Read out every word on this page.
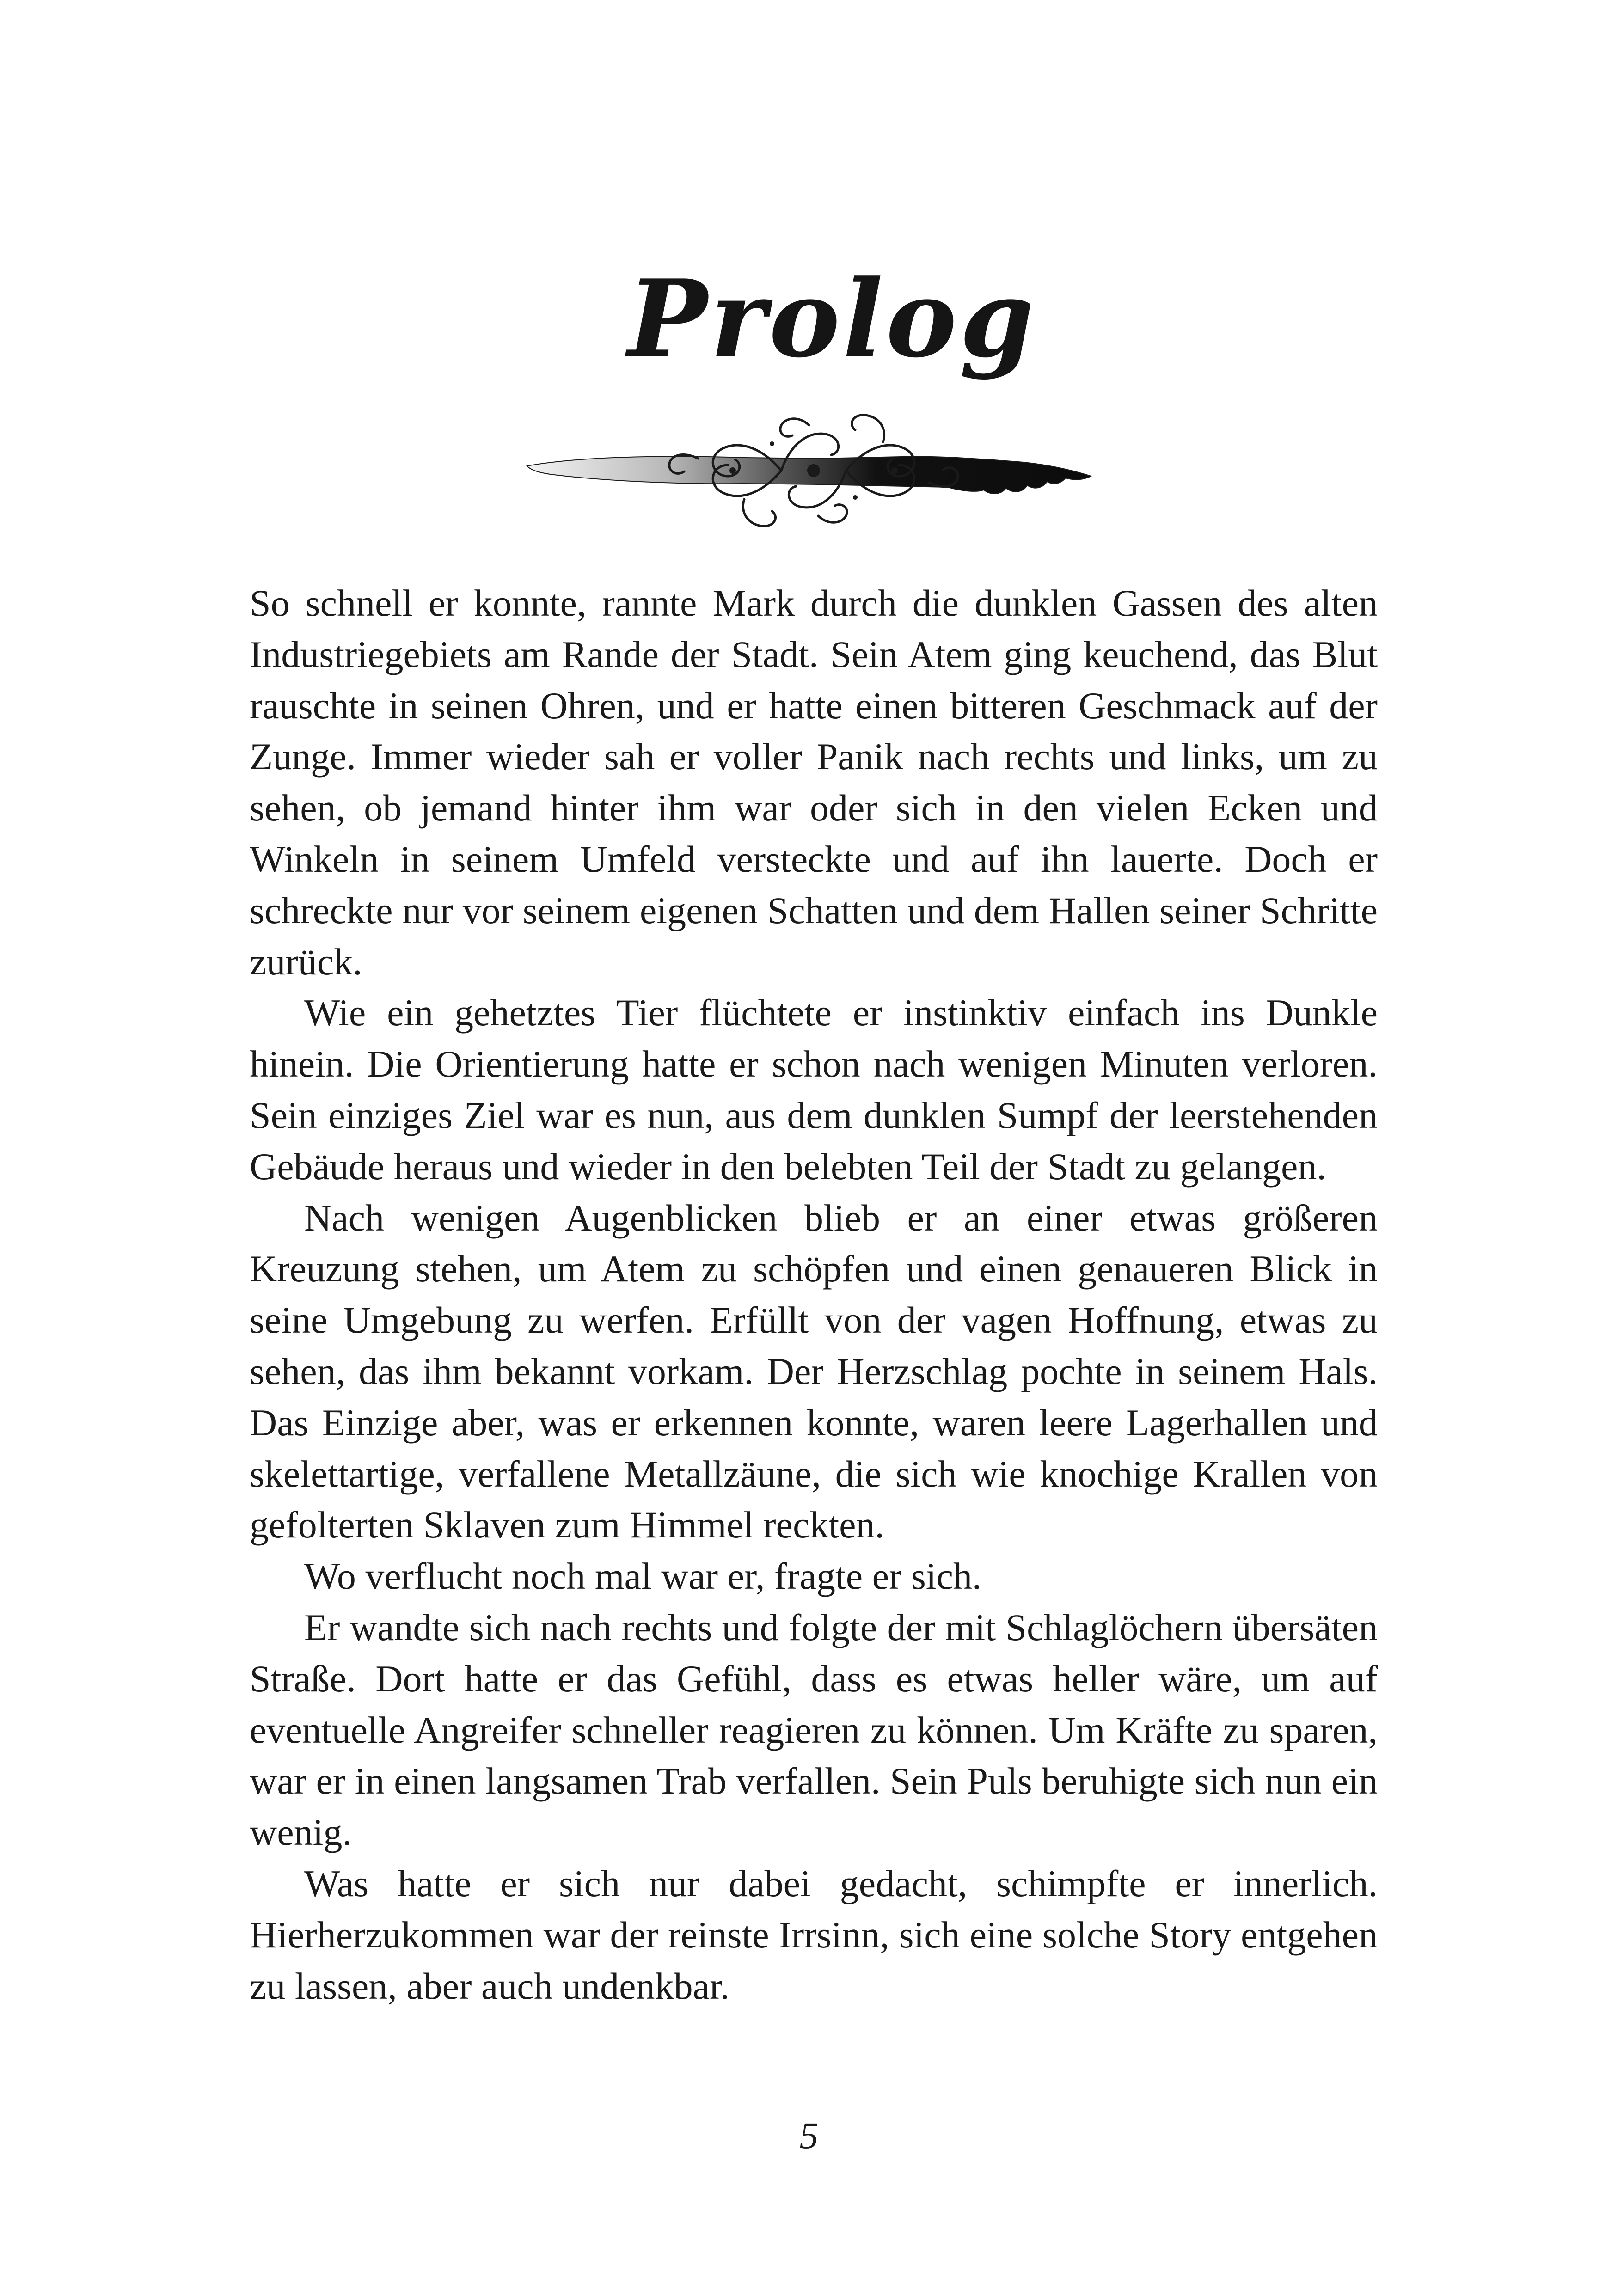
Prolog

So schnell er konnte, rannte Mark durch die dunklen Gassen des alten Industriegebiets am Rande der Stadt. Sein Atem ging keuchend, das Blut rauschte in seinen Ohren, und er hatte einen bitteren Geschmack auf der Zunge. Immer wieder sah er voller Panik nach rechts und links, um zu sehen, ob jemand hinter ihm war oder sich in den vielen Ecken und Winkeln in seinem Umfeld versteckte und auf ihn lauerte. Doch er schreckte nur vor seinem eigenen Schatten und dem Hallen seiner Schritte zurück.

Wie ein gehetztes Tier flüchtete er instinktiv einfach ins Dunkle hinein. Die Orientierung hatte er schon nach wenigen Minuten verloren. Sein einziges Ziel war es nun, aus dem dunklen Sumpf der leerstehenden Gebäude heraus und wieder in den belebten Teil der Stadt zu gelangen.

Nach wenigen Augenblicken blieb er an einer etwas größeren Kreuzung stehen, um Atem zu schöpfen und einen genaueren Blick in seine Umgebung zu werfen. Erfüllt von der vagen Hoffnung, etwas zu sehen, das ihm bekannt vorkam. Der Herzschlag pochte in seinem Hals. Das Einzige aber, was er erkennen konnte, waren leere Lagerhallen und skelettartige, verfallene Metallzäune, die sich wie knochige Krallen von gefolterten Sklaven zum Himmel reckten.

Wo verflucht noch mal war er, fragte er sich.

Er wandte sich nach rechts und folgte der mit Schlaglöchern übersäten Straße. Dort hatte er das Gefühl, dass es etwas heller wäre, um auf eventuelle Angreifer schneller reagieren zu können. Um Kräfte zu sparen, war er in einen langsamen Trab verfallen. Sein Puls beruhigte sich nun ein wenig.

Was hatte er sich nur dabei gedacht, schimpfte er innerlich. Hierherzukommen war der reinste Irrsinn, sich eine solche Story entgehen zu lassen, aber auch undenkbar.

5
